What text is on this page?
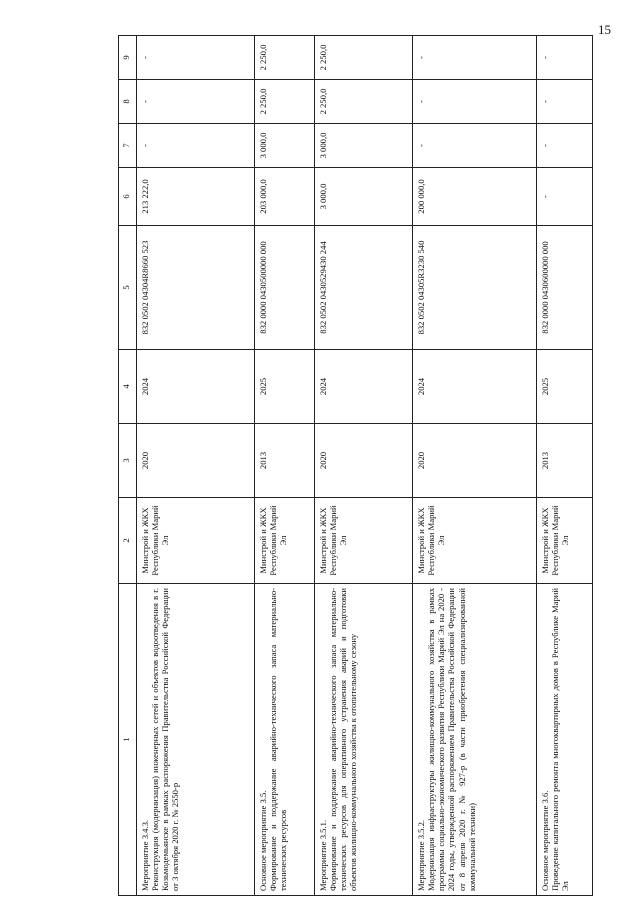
15
1	2	3	4	5	6	7	8	9

Мероприятие 3.4.3. Реконструкция (модернизация) инженерных сетей и объектов водоотведения в г. Козьмодемьянске в рамках распоряжения Правительства Российской Федерации от 3 октября 2020 г. № 2550-р	Минстрой и ЖКХ Республики Марий Эл	2020	2024	832 0502 04304R8660 523	213 222,0	-	-	-

Основное мероприятие 3.5. Формирование и поддержание аварийно-технического запаса материально-технических ресурсов	Минстрой и ЖКХ Республики Марий Эл	2013	2025	832 0000 0430500000 000	203 000,0	3 000,0	2 250,0	2 250,0

Мероприятие 3.5.1. Формирование и поддержание аварийно-технического запаса материально-технических ресурсов для оперативного устранения аварий и подготовки объектов жилищно-коммунального хозяйства к отопительному сезону	Минстрой и ЖКХ Республики Марий Эл	2020	2024	832 0502 0430529430 244	3 000,0	3 000,0	2 250,0	2 250,0

Мероприятие 3.5.2. Модернизация инфраструктуры жилищно-коммунального хозяйства в рамках программы социально-экономического развития Республики Марий Эл на 2020 - 2024 годы, утвержденной распоряжением Правительства Российской Федерации от 8 апреля 2020 г. № 927-р (в части приобретения специализированной коммунальной техники)	Минстрой и ЖКХ Республики Марий Эл	2020	2024	832 0502 04305R3230 540	200 000,0	-	-	-

Основное мероприятие 3.6. Проведение капитального ремонта многоквартирных домов в Республике Марий Эл	Минстрой и ЖКХ Республики Марий Эл	2013	2025	832 0000 0430600000 000	-	-	-	-
